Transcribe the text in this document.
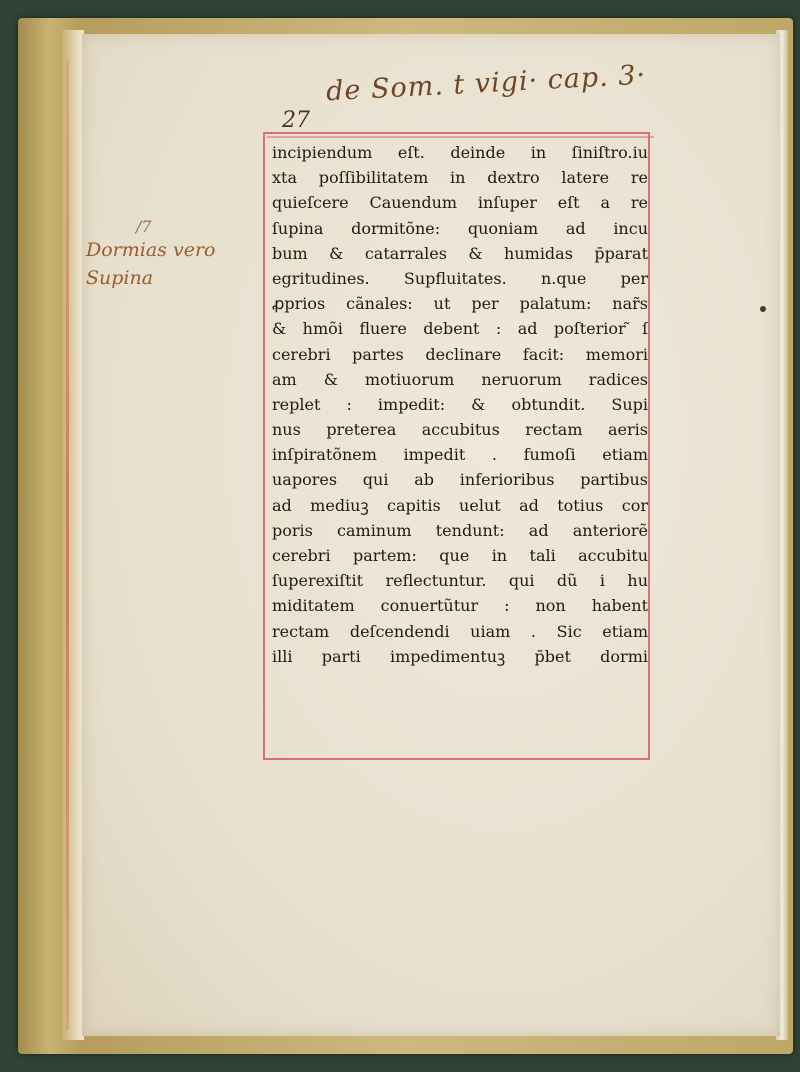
de Som. t vigi· cap. 3·
27
/7
Dormias vero
Supina
incipiendum eſt. deinde in ſiniſtro.iu
xta poſſibilitatem in dextro latere re
quieſcere Cauendum inſuper eſt a re
ſupina dormitõne: quoniam ad incu
bum & catarrales & humidas p̄parat
egritudines. Supfluitates. n.que per
ꝓprios cãnales: ut per palatum: nar̃s
& hmõi fluere debent : ad poſterior ̃ſ
cerebri partes declinare facit: memori
am & motiuorum neruorum radices
replet : impedit: & obtundit. Supi
nus preterea accubitus rectam aeris
inſpiratõnem impedit . fumoſi etiam
uapores qui ab inferioribus partibus
ad mediuꝫ capitis uelut ad totius cor
poris caminum tendunt: ad anteriorẽ
cerebri partem: que in tali accubitu
ſuperexiſtit reflectuntur. qui dũ i hu
miditatem conuertũtur : non habent
rectam deſcendendi uiam . Sic etiam
illi parti impedimentuꝫ p̄bet dormi
